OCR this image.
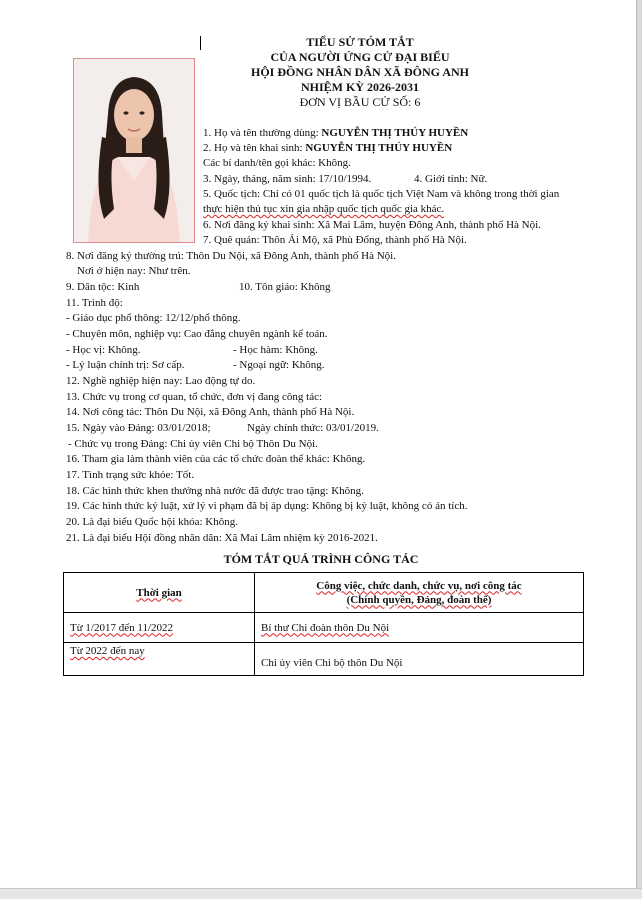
TIỂU SỬ TÓM TẮT
CỦA NGƯỜI ỨNG CỬ ĐẠI BIỂU
HỘI ĐỒNG NHÂN DÂN XÃ ĐÔNG ANH
NHIỆM KỲ 2026-2031
ĐƠN VỊ BẦU CỬ SỐ: 6
1. Họ và tên thường dùng: NGUYỄN THỊ THÚY HUYỀN
2. Họ và tên khai sinh: NGUYỄN THỊ THÚY HUYỀN
Các bí danh/tên gọi khác: Không.
3. Ngày, tháng, năm sinh: 17/10/1994.	4. Giới tính: Nữ.
5. Quốc tịch: Chỉ có 01 quốc tịch là quốc tịch Việt Nam và không trong thời gian
thực hiện thủ tục xin gia nhập quốc tịch quốc gia khác.
6. Nơi đăng ký khai sinh: Xã Mai Lâm, huyện Đông Anh, thành phố Hà Nội.
7. Quê quán: Thôn Ái Mộ, xã Phù Đổng, thành phố Hà Nội.
8. Nơi đăng ký thường trú: Thôn Du Nội, xã Đông Anh, thành phố Hà Nội.
Nơi ở hiện nay: Như trên.
9. Dân tộc: Kinh	10. Tôn giáo: Không
11. Trình độ:
- Giáo dục phổ thông: 12/12/phổ thông.
- Chuyên môn, nghiệp vụ: Cao đẳng chuyên ngành kế toán.
- Học vị: Không.	- Học hàm: Không.
- Lý luận chính trị: Sơ cấp.	- Ngoại ngữ: Không.
12. Nghề nghiệp hiện nay: Lao động tự do.
13. Chức vụ trong cơ quan, tổ chức, đơn vị đang công tác:
14. Nơi công tác: Thôn Du Nội, xã Đông Anh, thành phố Hà Nội.
15. Ngày vào Đảng: 03/01/2018;	Ngày chính thức: 03/01/2019.
- Chức vụ trong Đảng: Chi ủy viên Chi bộ Thôn Du Nội.
16. Tham gia làm thành viên của các tổ chức đoàn thể khác: Không.
17. Tình trạng sức khỏe: Tốt.
18. Các hình thức khen thưởng nhà nước đã được trao tặng: Không.
19. Các hình thức kỷ luật, xử lý vi phạm đã bị áp dụng: Không bị kỷ luật, không có án tích.
20. Là đại biểu Quốc hội khóa: Không.
21. Là đại biểu Hội đồng nhân dân: Xã Mai Lâm nhiệm kỳ 2016-2021.
TÓM TẮT QUÁ TRÌNH CÔNG TÁC
Thời gian	Công việc, chức danh, chức vụ, nơi công tác
(Chính quyền, Đảng, đoàn thể)

Từ 1/2017 đến 11/2022	Bí thư Chi đoàn thôn Du Nội
Từ 2022 đến nay	Chi ủy viên Chi bộ thôn Du Nội
